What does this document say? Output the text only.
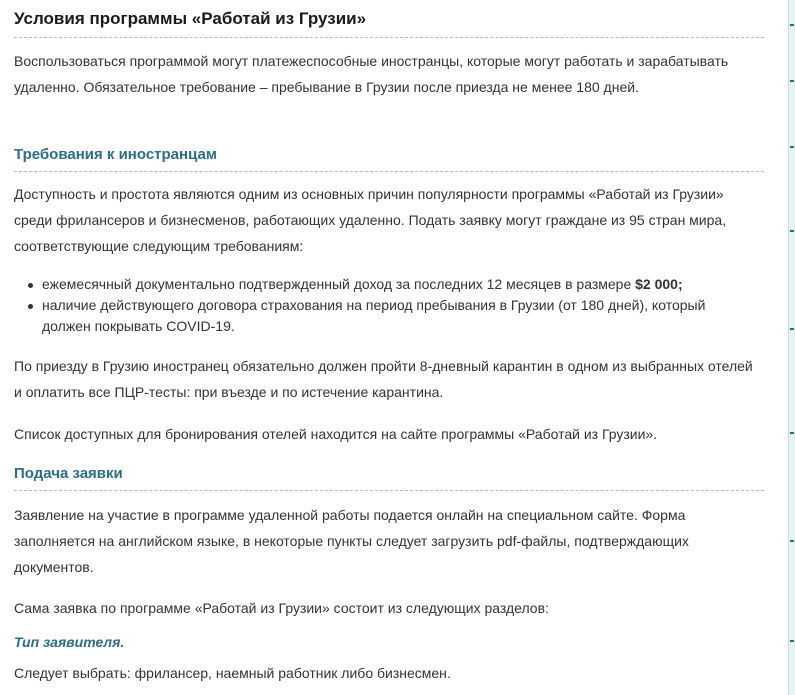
Условия программы «Работай из Грузии»

Воспользоваться программой могут платежеспособные иностранцы, которые могут работать и зарабатывать удаленно. Обязательное требование – пребывание в Грузии после приезда не менее 180 дней.

Требования к иностранцам

Доступность и простота являются одним из основных причин популярности программы «Работай из Грузии» среди фрилансеров и бизнесменов, работающих удаленно. Подать заявку могут граждане из 95 стран мира, соответствующие следующим требованиям:

ежемесячный документально подтвержденный доход за последних 12 месяцев в размере $2 000;
наличие действующего договора страхования на период пребывания в Грузии (от 180 дней), который должен покрывать COVID-19.

По приезду в Грузию иностранец обязательно должен пройти 8-дневный карантин в одном из выбранных отелей и оплатить все ПЦР-тесты: при въезде и по истечение карантина.

Список доступных для бронирования отелей находится на сайте программы «Работай из Грузии».

Подача заявки

Заявление на участие в программе удаленной работы подается онлайн на специальном сайте. Форма заполняется на английском языке, в некоторые пункты следует загрузить pdf-файлы, подтверждающих документов.

Сама заявка по программе «Работай из Грузии» состоит из следующих разделов:

Тип заявителя.

Следует выбрать: фрилансер, наемный работник либо бизнесмен.
